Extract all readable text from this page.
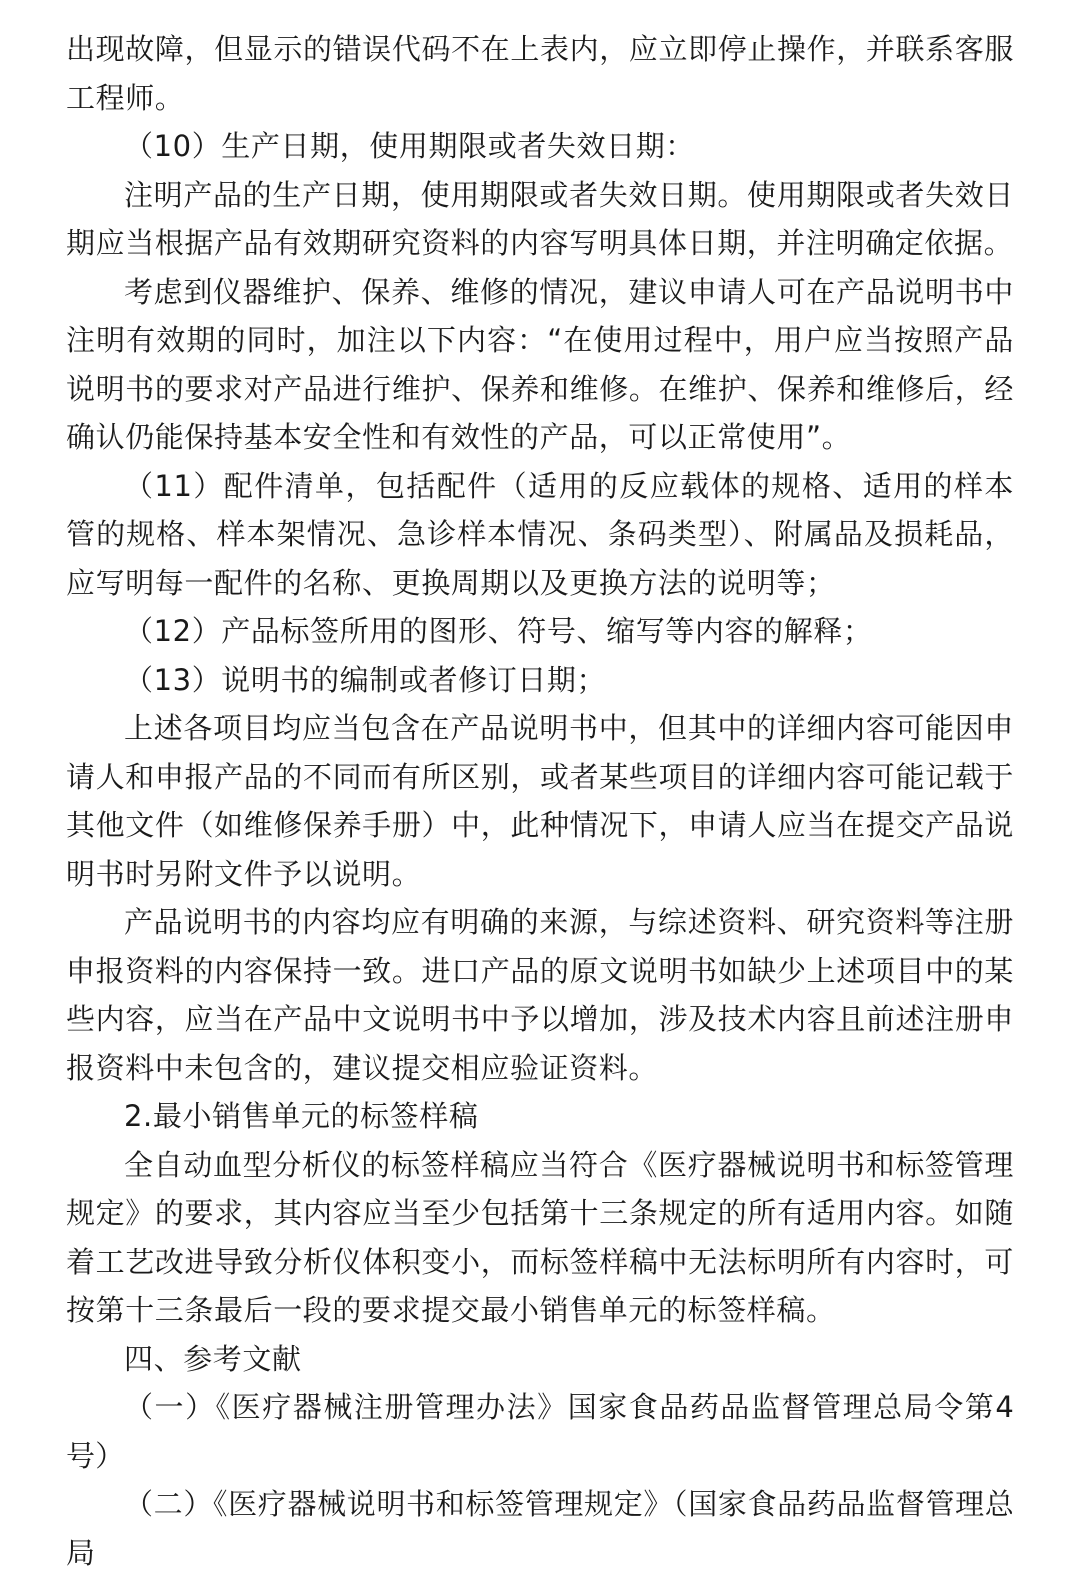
出现故障，但显示的错误代码不在上表内，应立即停止操作，并联系客服工程师。

（10）生产日期，使用期限或者失效日期：

注明产品的生产日期，使用期限或者失效日期。使用期限或者失效日期应当根据产品有效期研究资料的内容写明具体日期，并注明确定依据。

考虑到仪器维护、保养、维修的情况，建议申请人可在产品说明书中注明有效期的同时，加注以下内容：“在使用过程中，用户应当按照产品说明书的要求对产品进行维护、保养和维修。在维护、保养和维修后，经确认仍能保持基本安全性和有效性的产品，可以正常使用”。

（11）配件清单，包括配件（适用的反应载体的规格、适用的样本管的规格、样本架情况、急诊样本情况、条码类型）、附属品及损耗品，应写明每一配件的名称、更换周期以及更换方法的说明等；

（12）产品标签所用的图形、符号、缩写等内容的解释；

（13）说明书的编制或者修订日期；

上述各项目均应当包含在产品说明书中，但其中的详细内容可能因申请人和申报产品的不同而有所区别，或者某些项目的详细内容可能记载于其他文件（如维修保养手册）中，此种情况下，申请人应当在提交产品说明书时另附文件予以说明。

产品说明书的内容均应有明确的来源，与综述资料、研究资料等注册申报资料的内容保持一致。进口产品的原文说明书如缺少上述项目中的某些内容，应当在产品中文说明书中予以增加，涉及技术内容且前述注册申报资料中未包含的，建议提交相应验证资料。

2.最小销售单元的标签样稿

全自动血型分析仪的标签样稿应当符合《医疗器械说明书和标签管理规定》的要求，其内容应当至少包括第十三条规定的所有适用内容。如随着工艺改进导致分析仪体积变小，而标签样稿中无法标明所有内容时，可按第十三条最后一段的要求提交最小销售单元的标签样稿。

四、参考文献

（一）《医疗器械注册管理办法》国家食品药品监督管理总局令第4号）

（二）《医疗器械说明书和标签管理规定》（国家食品药品监督管理总局
